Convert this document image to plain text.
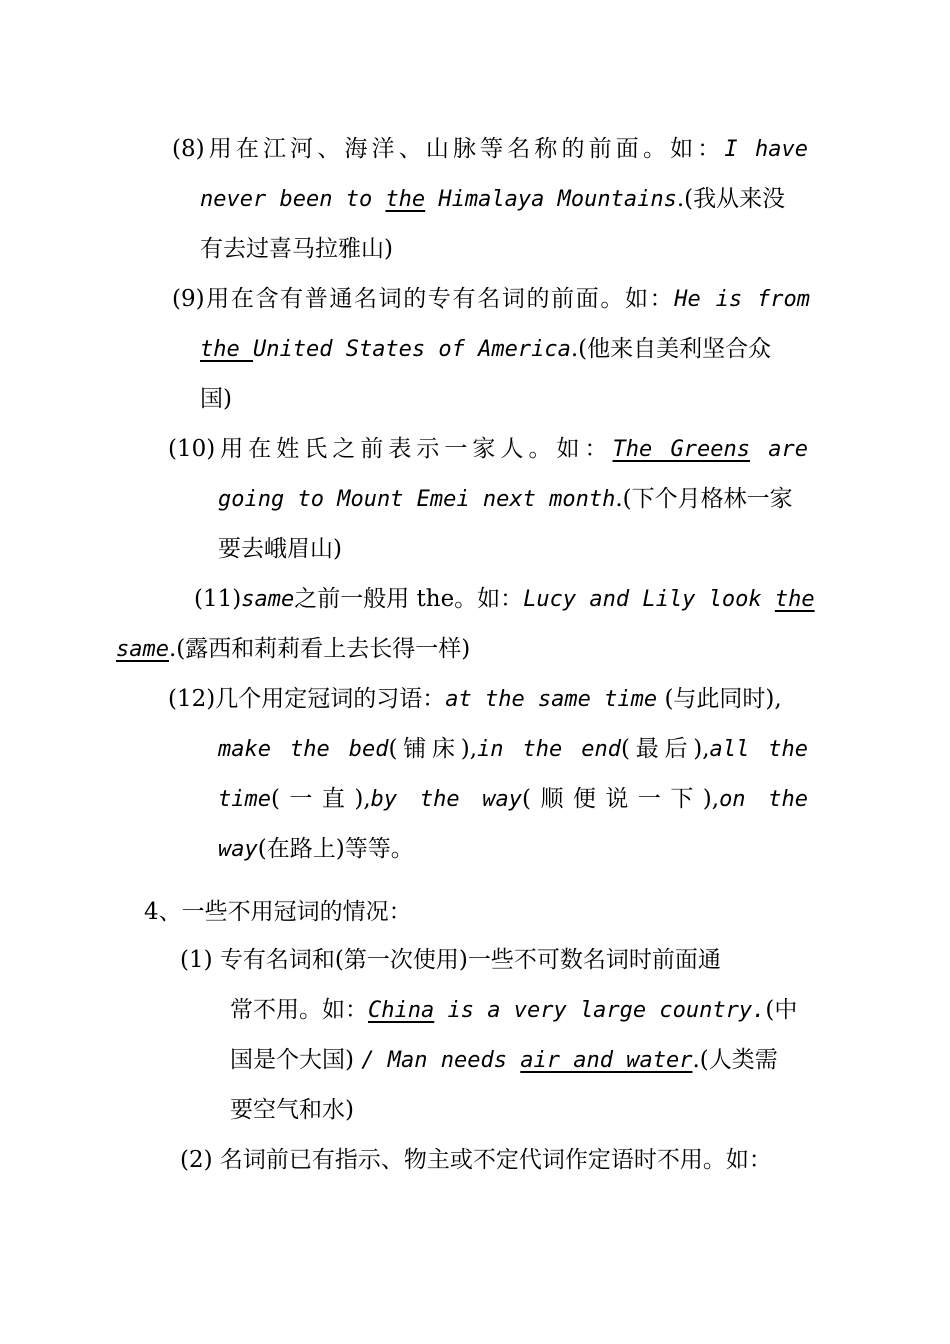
(8)用在江河、海洋、山脉等名称的前面。如：I have
never been to the Himalaya Mountains.(我从来没
有去过喜马拉雅山)
(9)用在含有普通名词的专有名词的前面。如：He is from
the United States of America.(他来自美利坚合众
国)
(10)用在姓氏之前表示一家人。如：The Greens are
going to Mount Emei next month.(下个月格林一家
要去峨眉山)
(11)same之前一般用 the。如：Lucy and Lily look the
same.(露西和莉莉看上去长得一样)
(12)几个用定冠词的习语：at the same time (与此同时),
make the bed(铺床),in the end(最后),all the
time(一直),by the way(顺便说一下),on the
way(在路上)等等。
4、一些不用冠词的情况：
(1) 专有名词和(第一次使用)一些不可数名词时前面通
常不用。如：China is a very large country.(中
国是个大国) / Man needs air and water.(人类需
要空气和水)
(2) 名词前已有指示、物主或不定代词作定语时不用。如：
